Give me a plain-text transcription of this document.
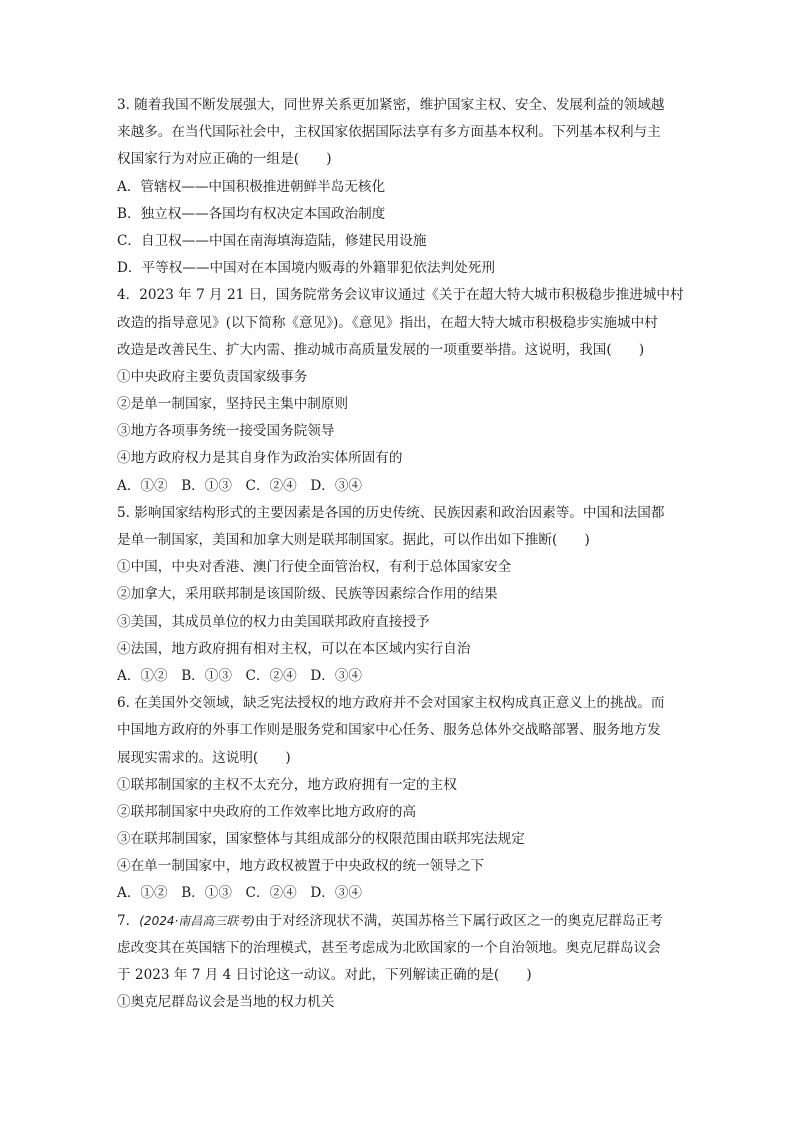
3. 随着我国不断发展强大，同世界关系更加紧密，维护国家主权、安全、发展利益的领域越
来越多。在当代国际社会中，主权国家依据国际法享有多方面基本权利。下列基本权利与主
权国家行为对应正确的一组是(　　)
A．管辖权——中国积极推进朝鲜半岛无核化
B．独立权——各国均有权决定本国政治制度
C．自卫权——中国在南海填海造陆，修建民用设施
D．平等权——中国对在本国境内贩毒的外籍罪犯依法判处死刑
4．2023 年 7 月 21 日，国务院常务会议审议通过《关于在超大特大城市积极稳步推进城中村
改造的指导意见》(以下简称《意见》)。《意见》指出，在超大特大城市积极稳步实施城中村
改造是改善民生、扩大内需、推动城市高质量发展的一项重要举措。这说明，我国(　　)
①中央政府主要负责国家级事务
②是单一制国家，坚持民主集中制原则
③地方各项事务统一接受国务院领导
④地方政府权力是其自身作为政治实体所固有的
A．①②　B．①③　C．②④　D．③④
5. 影响国家结构形式的主要因素是各国的历史传统、民族因素和政治因素等。中国和法国都
是单一制国家，美国和加拿大则是联邦制国家。据此，可以作出如下推断(　　)
①中国，中央对香港、澳门行使全面管治权，有利于总体国家安全
②加拿大，采用联邦制是该国阶级、民族等因素综合作用的结果
③美国，其成员单位的权力由美国联邦政府直接授予
④法国，地方政府拥有相对主权，可以在本区域内实行自治
A．①②　B．①③　C．②④　D．③④
6. 在美国外交领域，缺乏宪法授权的地方政府并不会对国家主权构成真正意义上的挑战。而
中国地方政府的外事工作则是服务党和国家中心任务、服务总体外交战略部署、服务地方发
展现实需求的。这说明(　　)
①联邦制国家的主权不太充分，地方政府拥有一定的主权
②联邦制国家中央政府的工作效率比地方政府的高
③在联邦制国家，国家整体与其组成部分的权限范围由联邦宪法规定
④在单一制国家中，地方政权被置于中央政权的统一领导之下
A．①②　B．①③　C．②④　D．③④
7．(2024·南昌高三联考)由于对经济现状不满，英国苏格兰下属行政区之一的奥克尼群岛正考
虑改变其在英国辖下的治理模式，甚至考虑成为北欧国家的一个自治领地。奥克尼群岛议会
于 2023 年 7 月 4 日讨论这一动议。对此，下列解读正确的是(　　)
①奥克尼群岛议会是当地的权力机关
